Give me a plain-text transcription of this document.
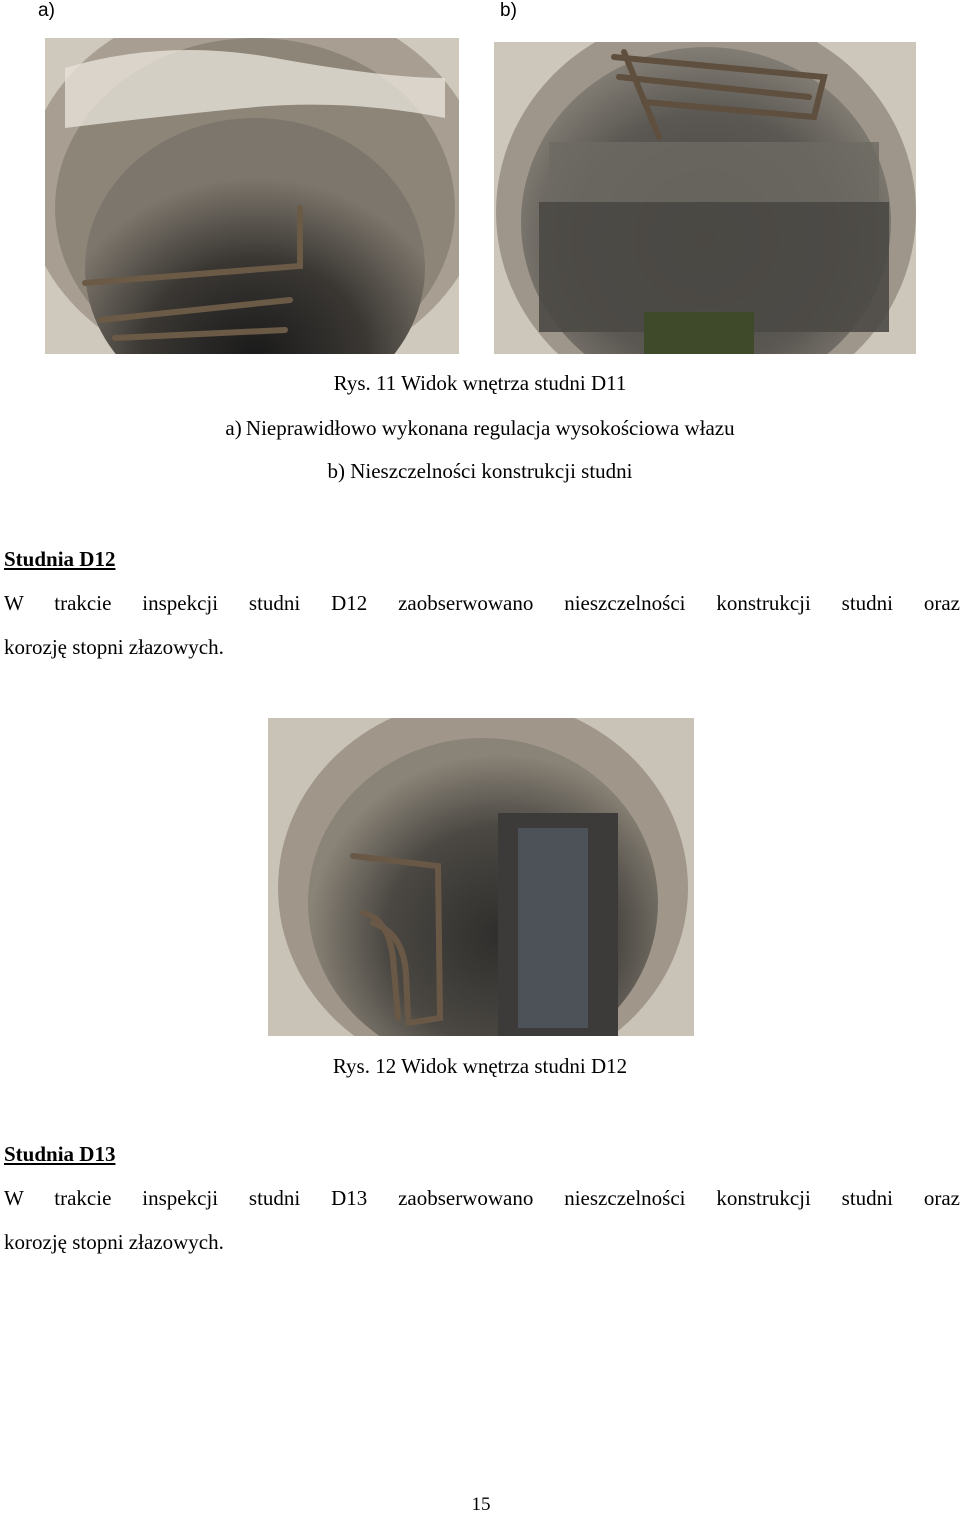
a)	b)
Rys. 11 Widok wnętrza studni D11
a) Nieprawidłowo wykonana regulacja wysokościowa włazu
b) Nieszczelności konstrukcji studni
Studnia D12
W trakcie inspekcji studni D12 zaobserwowano nieszczelności konstrukcji studni oraz
korozję stopni złazowych.
Rys. 12 Widok wnętrza studni D12
Studnia D13
W trakcie inspekcji studni D13 zaobserwowano nieszczelności konstrukcji studni oraz
korozję stopni złazowych.
15
